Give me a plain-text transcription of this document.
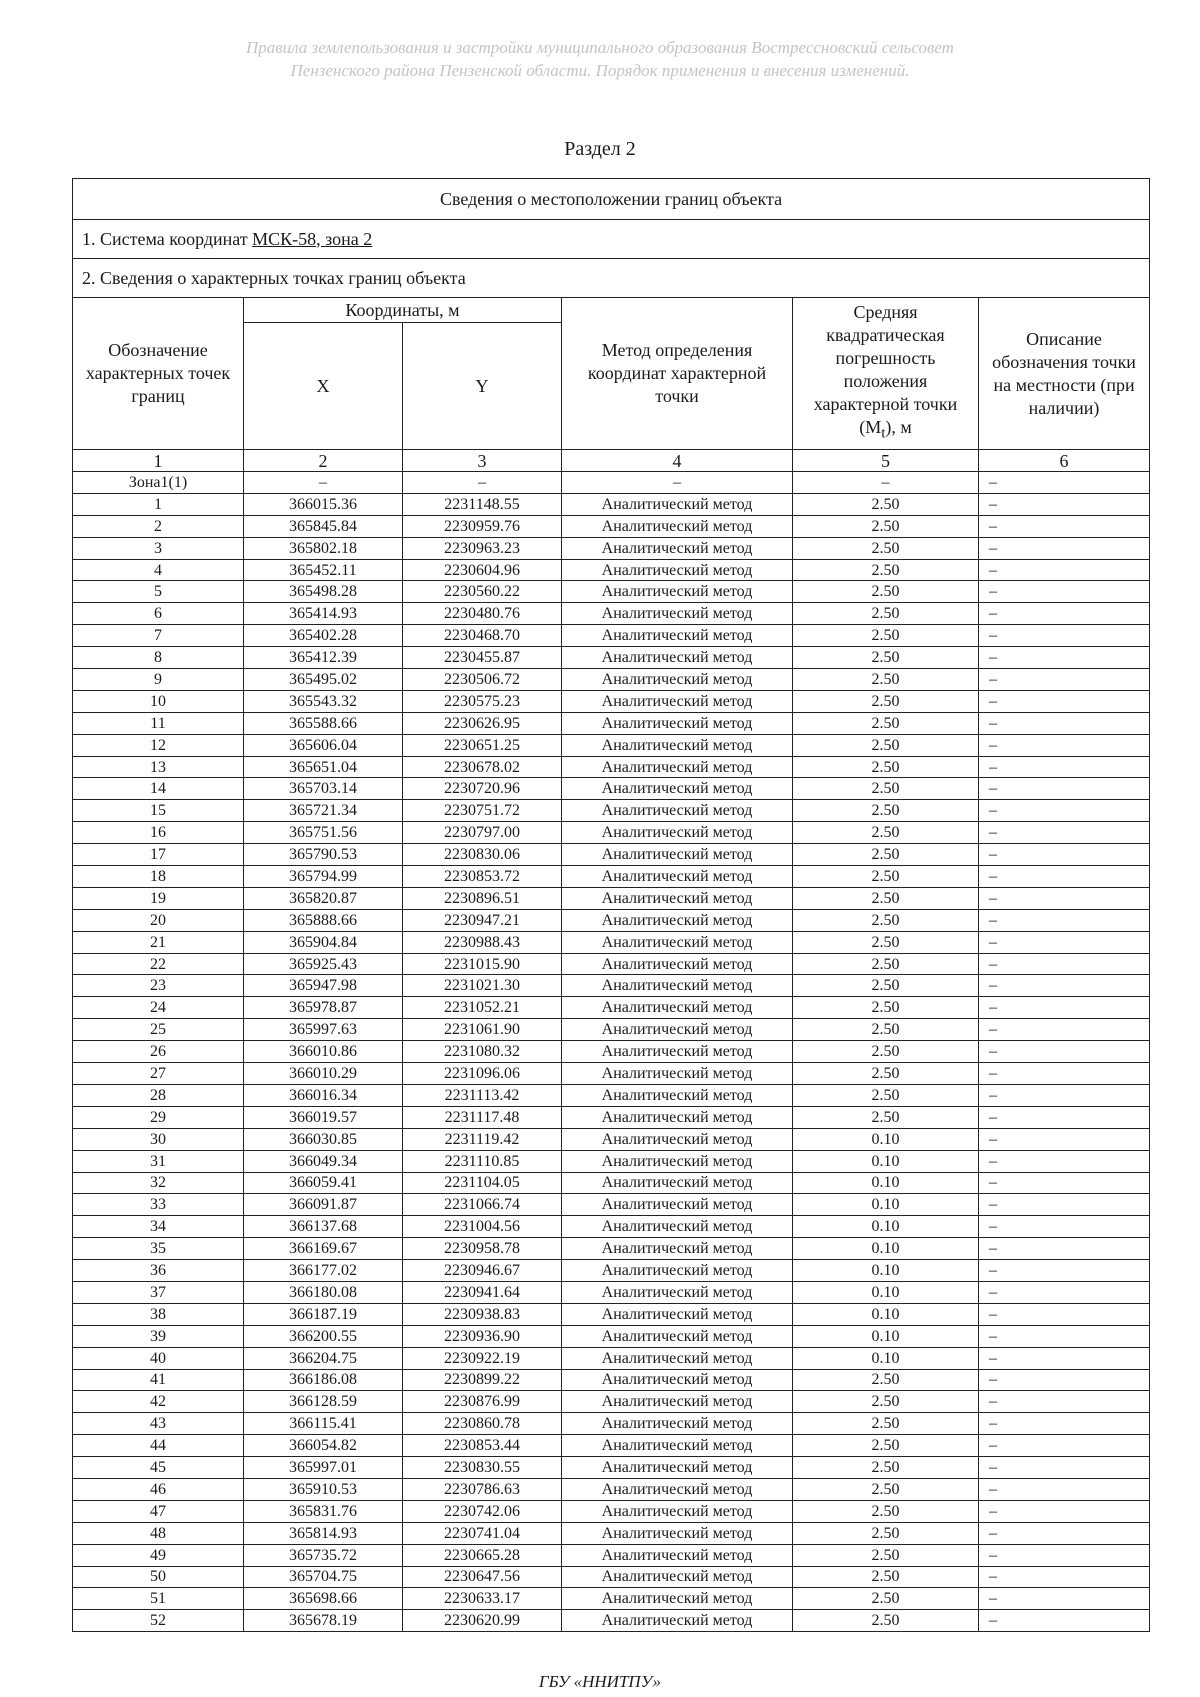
Правила землепользования и застройки муниципального образования Вострессновский сельсовет
Пензенского района Пензенской области. Порядок применения и внесения изменений.
Раздел 2
Сведения о местоположении границ объекта					
1. Система координат МСК-58, зона 2					
2. Сведения о характерных точках границ объекта					
Обозначение характерных точек границ	Координаты, м		Метод определения координат характерной точки	Средняя квадратическая погрешность положения характерной точки $(M_t)$, м	Описание обозначения точки на местности (при наличии)
	X	Y			
1	2	3	4	5	6
Зона1(1)	–	–	–	–	–
1	366015.36	2231148.55	Аналитический метод	2.50	–
2	365845.84	2230959.76	Аналитический метод	2.50	–
3	365802.18	2230963.23	Аналитический метод	2.50	–
4	365452.11	2230604.96	Аналитический метод	2.50	–
5	365498.28	2230560.22	Аналитический метод	2.50	–
6	365414.93	2230480.76	Аналитический метод	2.50	–
7	365402.28	2230468.70	Аналитический метод	2.50	–
8	365412.39	2230455.87	Аналитический метод	2.50	–
9	365495.02	2230506.72	Аналитический метод	2.50	–
10	365543.32	2230575.23	Аналитический метод	2.50	–
11	365588.66	2230626.95	Аналитический метод	2.50	–
12	365606.04	2230651.25	Аналитический метод	2.50	–
13	365651.04	2230678.02	Аналитический метод	2.50	–
14	365703.14	2230720.96	Аналитический метод	2.50	–
15	365721.34	2230751.72	Аналитический метод	2.50	–
16	365751.56	2230797.00	Аналитический метод	2.50	–
17	365790.53	2230830.06	Аналитический метод	2.50	–
18	365794.99	2230853.72	Аналитический метод	2.50	–
19	365820.87	2230896.51	Аналитический метод	2.50	–
20	365888.66	2230947.21	Аналитический метод	2.50	–
21	365904.84	2230988.43	Аналитический метод	2.50	–
22	365925.43	2231015.90	Аналитический метод	2.50	–
23	365947.98	2231021.30	Аналитический метод	2.50	–
24	365978.87	2231052.21	Аналитический метод	2.50	–
25	365997.63	2231061.90	Аналитический метод	2.50	–
26	366010.86	2231080.32	Аналитический метод	2.50	–
27	366010.29	2231096.06	Аналитический метод	2.50	–
28	366016.34	2231113.42	Аналитический метод	2.50	–
29	366019.57	2231117.48	Аналитический метод	2.50	–
30	366030.85	2231119.42	Аналитический метод	0.10	–
31	366049.34	2231110.85	Аналитический метод	0.10	–
32	366059.41	2231104.05	Аналитический метод	0.10	–
33	366091.87	2231066.74	Аналитический метод	0.10	–
34	366137.68	2231004.56	Аналитический метод	0.10	–
35	366169.67	2230958.78	Аналитический метод	0.10	–
36	366177.02	2230946.67	Аналитический метод	0.10	–
37	366180.08	2230941.64	Аналитический метод	0.10	–
38	366187.19	2230938.83	Аналитический метод	0.10	–
39	366200.55	2230936.90	Аналитический метод	0.10	–
40	366204.75	2230922.19	Аналитический метод	0.10	–
41	366186.08	2230899.22	Аналитический метод	2.50	–
42	366128.59	2230876.99	Аналитический метод	2.50	–
43	366115.41	2230860.78	Аналитический метод	2.50	–
44	366054.82	2230853.44	Аналитический метод	2.50	–
45	365997.01	2230830.55	Аналитический метод	2.50	–
46	365910.53	2230786.63	Аналитический метод	2.50	–
47	365831.76	2230742.06	Аналитический метод	2.50	–
48	365814.93	2230741.04	Аналитический метод	2.50	–
49	365735.72	2230665.28	Аналитический метод	2.50	–
50	365704.75	2230647.56	Аналитический метод	2.50	–
51	365698.66	2230633.17	Аналитический метод	2.50	–
52	365678.19	2230620.99	Аналитический метод	2.50	–
ГБУ «ННИТПУ»
